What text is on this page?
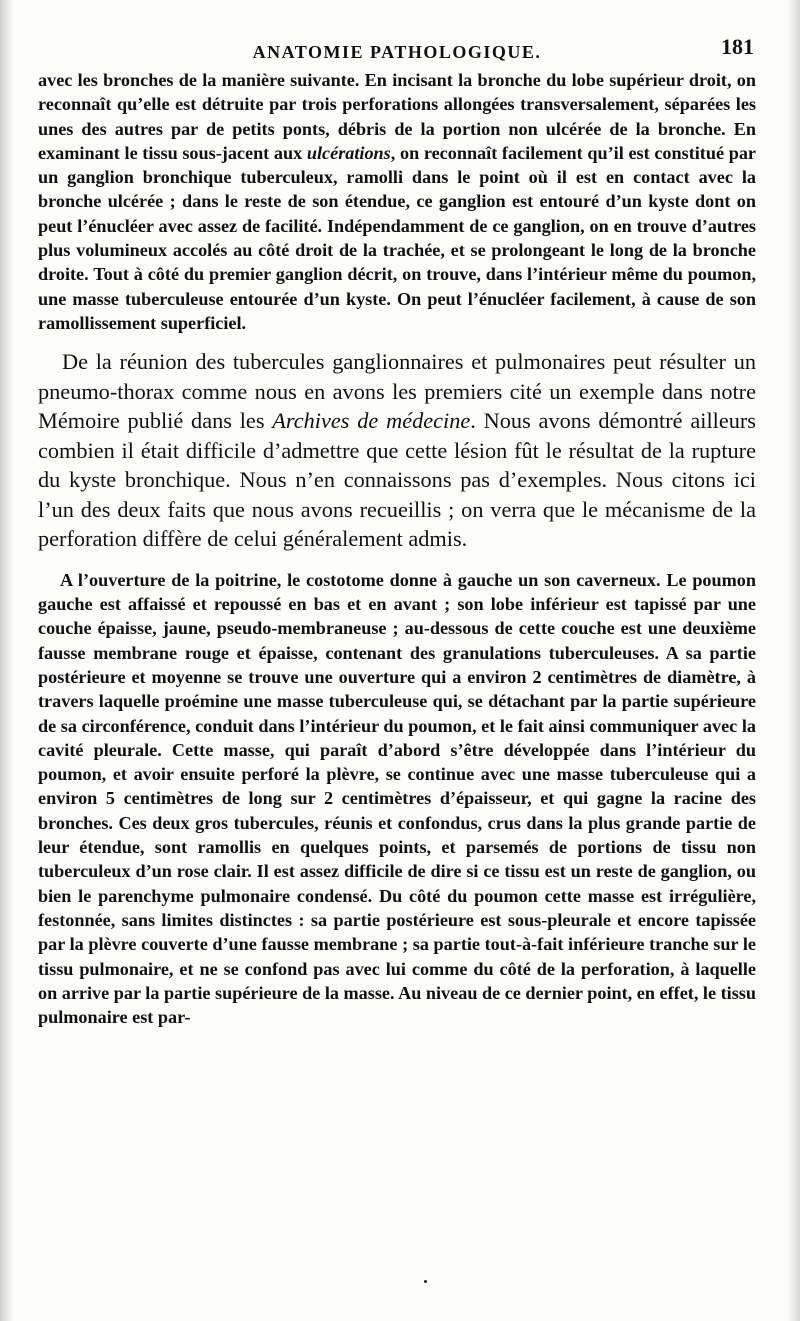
ANATOMIE PATHOLOGIQUE.	181

avec les bronches de la manière suivante. En incisant la bronche du lobe supérieur droit, on reconnaît qu’elle est détruite par trois perforations allongées transversalement, séparées les unes des autres par de petits ponts, débris de la portion non ulcérée de la bronche. En examinant le tissu sous-jacent aux ulcérations, on reconnaît facilement qu’il est constitué par un ganglion bronchique tuberculeux, ramolli dans le point où il est en contact avec la bronche ulcérée ; dans le reste de son étendue, ce ganglion est entouré d’un kyste dont on peut l’énucléer avec assez de facilité. Indépendamment de ce ganglion, on en trouve d’autres plus volumineux accolés au côté droit de la trachée, et se prolongeant le long de la bronche droite. Tout à côté du premier ganglion décrit, on trouve, dans l’intérieur même du poumon, une masse tuberculeuse entourée d’un kyste. On peut l’énucléer facilement, à cause de son ramollissement superficiel.

De la réunion des tubercules ganglionnaires et pulmonaires peut résulter un pneumo-thorax comme nous en avons les premiers cité un exemple dans notre Mémoire publié dans les Archives de médecine. Nous avons démontré ailleurs combien il était difficile d’admettre que cette lésion fût le résultat de la rupture du kyste bronchique. Nous n’en connaissons pas d’exemples. Nous citons ici l’un des deux faits que nous avons recueillis ; on verra que le mécanisme de la perforation diffère de celui généralement admis.

A l’ouverture de la poitrine, le costotome donne à gauche un son caverneux. Le poumon gauche est affaissé et repoussé en bas et en avant ; son lobe inférieur est tapissé par une couche épaisse, jaune, pseudo-membraneuse ; au-dessous de cette couche est une deuxième fausse membrane rouge et épaisse, contenant des granulations tuberculeuses. A sa partie postérieure et moyenne se trouve une ouverture qui a environ 2 centimètres de diamètre, à travers laquelle proémine une masse tuberculeuse qui, se détachant par la partie supérieure de sa circonférence, conduit dans l’intérieur du poumon, et le fait ainsi communiquer avec la cavité pleurale. Cette masse, qui paraît d’abord s’être développée dans l’intérieur du poumon, et avoir ensuite perforé la plèvre, se continue avec une masse tuberculeuse qui a environ 5 centimètres de long sur 2 centimètres d’épaisseur, et qui gagne la racine des bronches. Ces deux gros tubercules, réunis et confondus, crus dans la plus grande partie de leur étendue, sont ramollis en quelques points, et parsemés de portions de tissu non tuberculeux d’un rose clair. Il est assez difficile de dire si ce tissu est un reste de ganglion, ou bien le parenchyme pulmonaire condensé. Du côté du poumon cette masse est irrégulière, festonnée, sans limites distinctes : sa partie postérieure est sous-pleurale et encore tapissée par la plèvre couverte d’une fausse membrane ; sa partie tout-à-fait inférieure tranche sur le tissu pulmonaire, et ne se confond pas avec lui comme du côté de la perforation, à laquelle on arrive par la partie supérieure de la masse. Au niveau de ce dernier point, en effet, le tissu pulmonaire est par-
